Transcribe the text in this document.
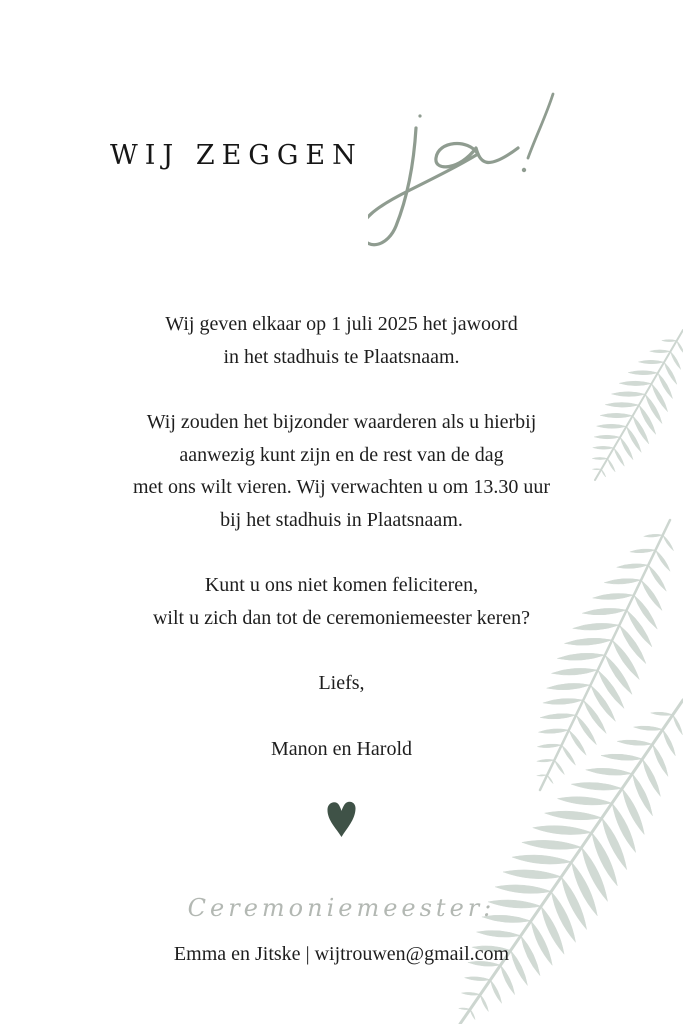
WIJ ZEGGEN
ja!

Wij geven elkaar op 1 juli 2025 het jawoord
in het stadhuis te Plaatsnaam.

Wij zouden het bijzonder waarderen als u hierbij
aanwezig kunt zijn en de rest van de dag
met ons wilt vieren. Wij verwachten u om 13.30 uur
bij het stadhuis in Plaatsnaam.

Kunt u ons niet komen feliciteren,
wilt u zich dan tot de ceremoniemeester keren?

Liefs,

Manon en Harold

Ceremoniemeester:
Emma en Jitske | wijtrouwen@gmail.com
